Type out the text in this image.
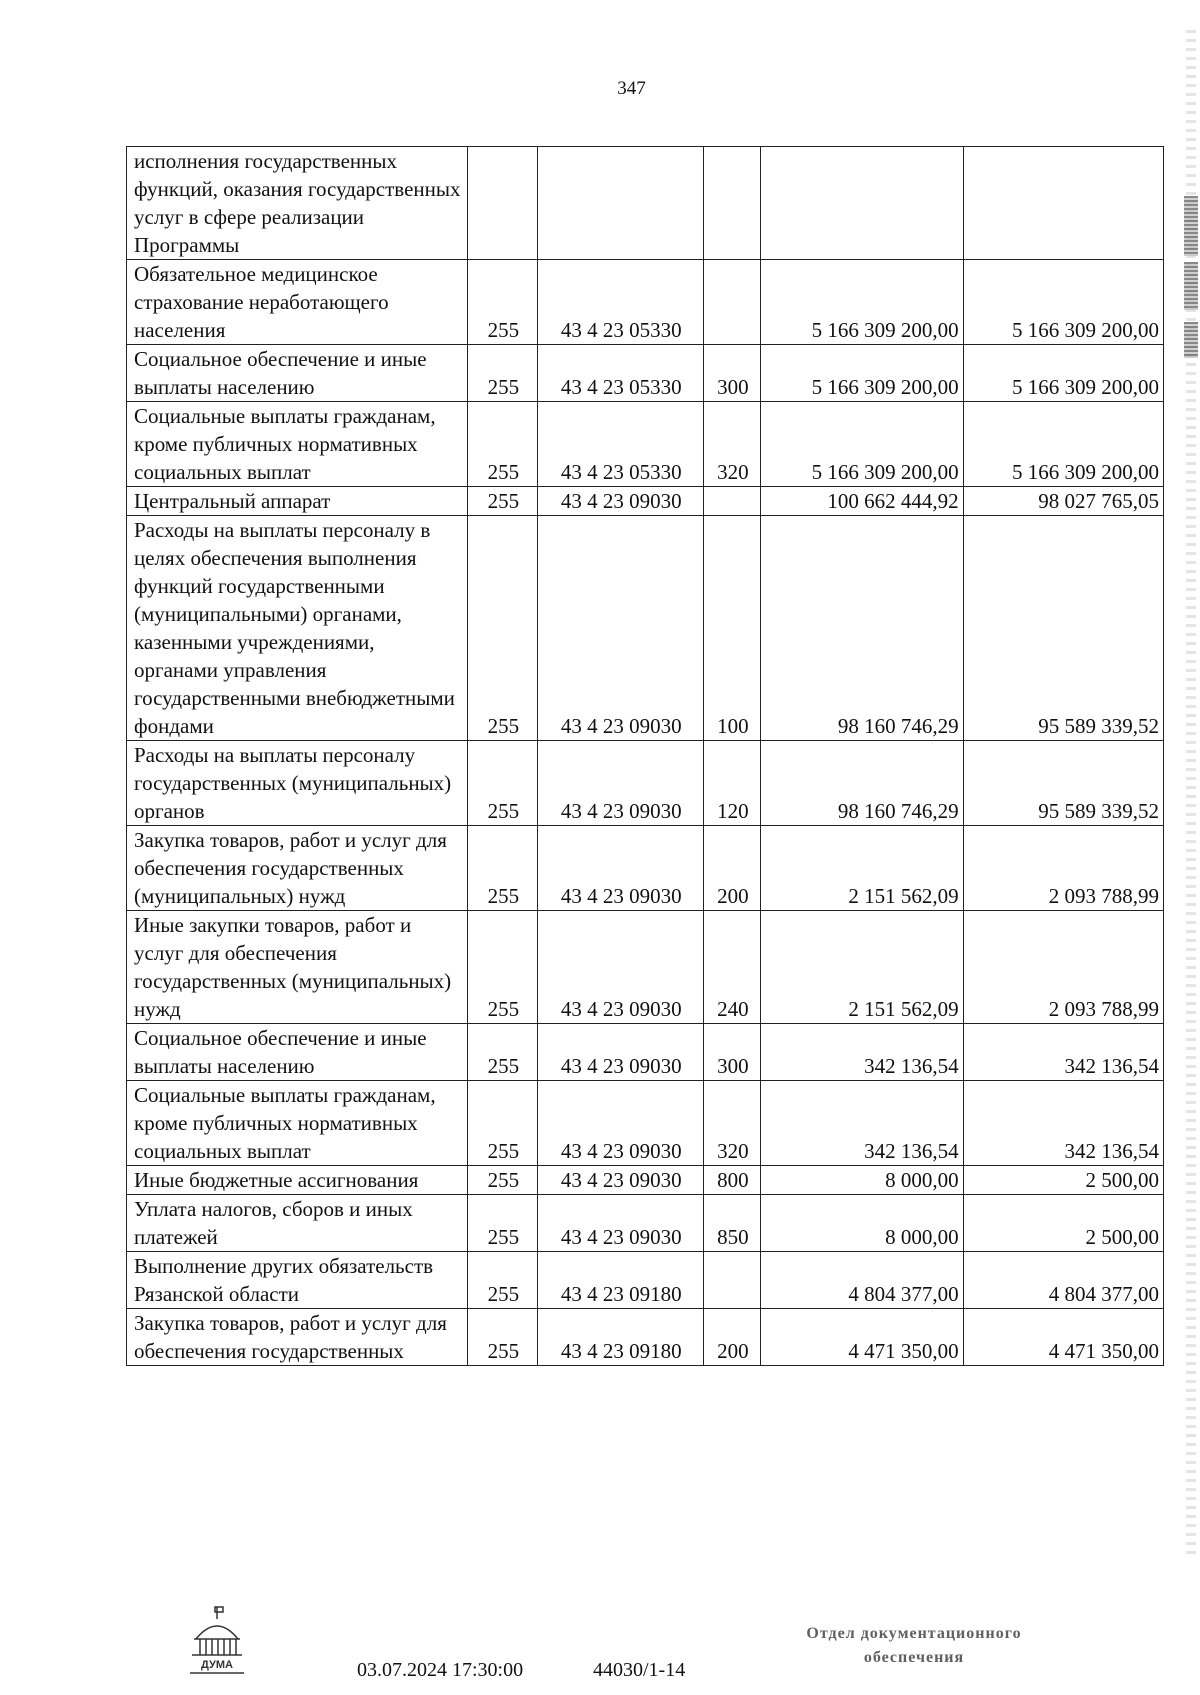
347
исполнения государственных функций, оказания государственных услуг в сфере реализации Программы					
Обязательное медицинское страхование неработающего населения	255	43 4 23 05330		5 166 309 200,00	5 166 309 200,00
Социальное обеспечение и иные выплаты населению	255	43 4 23 05330	300	5 166 309 200,00	5 166 309 200,00
Социальные выплаты гражданам, кроме публичных нормативных социальных выплат	255	43 4 23 05330	320	5 166 309 200,00	5 166 309 200,00
Центральный аппарат	255	43 4 23 09030		100 662 444,92	98 027 765,05
Расходы на выплаты персоналу в целях обеспечения выполнения функций государственными (муниципальными) органами, казенными учреждениями, органами управления государственными внебюджетными фондами	255	43 4 23 09030	100	98 160 746,29	95 589 339,52
Расходы на выплаты персоналу государственных (муниципальных) органов	255	43 4 23 09030	120	98 160 746,29	95 589 339,52
Закупка товаров, работ и услуг для обеспечения государственных (муниципальных) нужд	255	43 4 23 09030	200	2 151 562,09	2 093 788,99
Иные закупки товаров, работ и услуг для обеспечения государственных (муниципальных) нужд	255	43 4 23 09030	240	2 151 562,09	2 093 788,99
Социальное обеспечение и иные выплаты населению	255	43 4 23 09030	300	342 136,54	342 136,54
Социальные выплаты гражданам, кроме публичных нормативных социальных выплат	255	43 4 23 09030	320	342 136,54	342 136,54
Иные бюджетные ассигнования	255	43 4 23 09030	800	8 000,00	2 500,00
Уплата налогов, сборов и иных платежей	255	43 4 23 09030	850	8 000,00	2 500,00
Выполнение других обязательств Рязанской области	255	43 4 23 09180		4 804 377,00	4 804 377,00
Закупка товаров, работ и услуг для обеспечения государственных	255	43 4 23 09180	200	4 471 350,00	4 471 350,00
ДУМА	03.07.2024 17:30:00	44030/1-14
Отдел документационного
обеспечения
